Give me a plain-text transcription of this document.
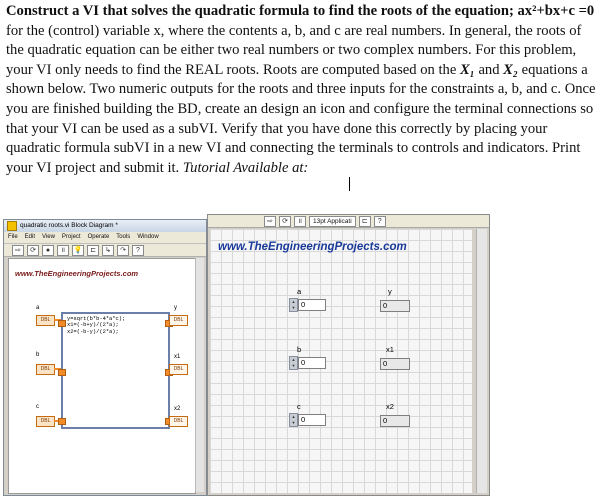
Construct a VI that solves the quadratic formula to find the roots of the equation; ax²+bx+c =0 for the (control) variable x, where the contents a, b, and c are real numbers. In general, the roots of the quadratic equation can be either two real numbers or two complex numbers. For this problem, your VI only needs to find the REAL roots. Roots are computed based on the X₁ and X₂ equations a shown below. Two numeric outputs for the roots and three inputs for the constraints a, b, and c. Once you are finished building the BD, create an design an icon and configure the terminal connections so that your VI can be used as a subVI. Verify that you have done this correctly by placing your quadratic formula subVI in a new VI and connecting the terminals to controls and indicators. Print your VI project and submit it. Tutorial Available at:

quadratic roots.vi Block Diagram *
File Edit View Project Operate Tools Window
⇨	⟳	●	॥	💡	⊏	↳	↷	?
www.TheEngineeringProjects.com
a
b
c
DBL
DBL
DBL
y=sqrt(b*b-4*a*c);
x1=(-b+y)/(2*a);
x2=(-b-y)/(2*a);
y
x1
x2
DBL
DBL
DBL
⇨	⟳	॥	13pt Applicati	⊏	?
www.TheEngineeringProjects.com
a
▲
▼ 0
b
▲
▼ 0
c
▲
▼ 0
y
0
x1
0
x2
0
